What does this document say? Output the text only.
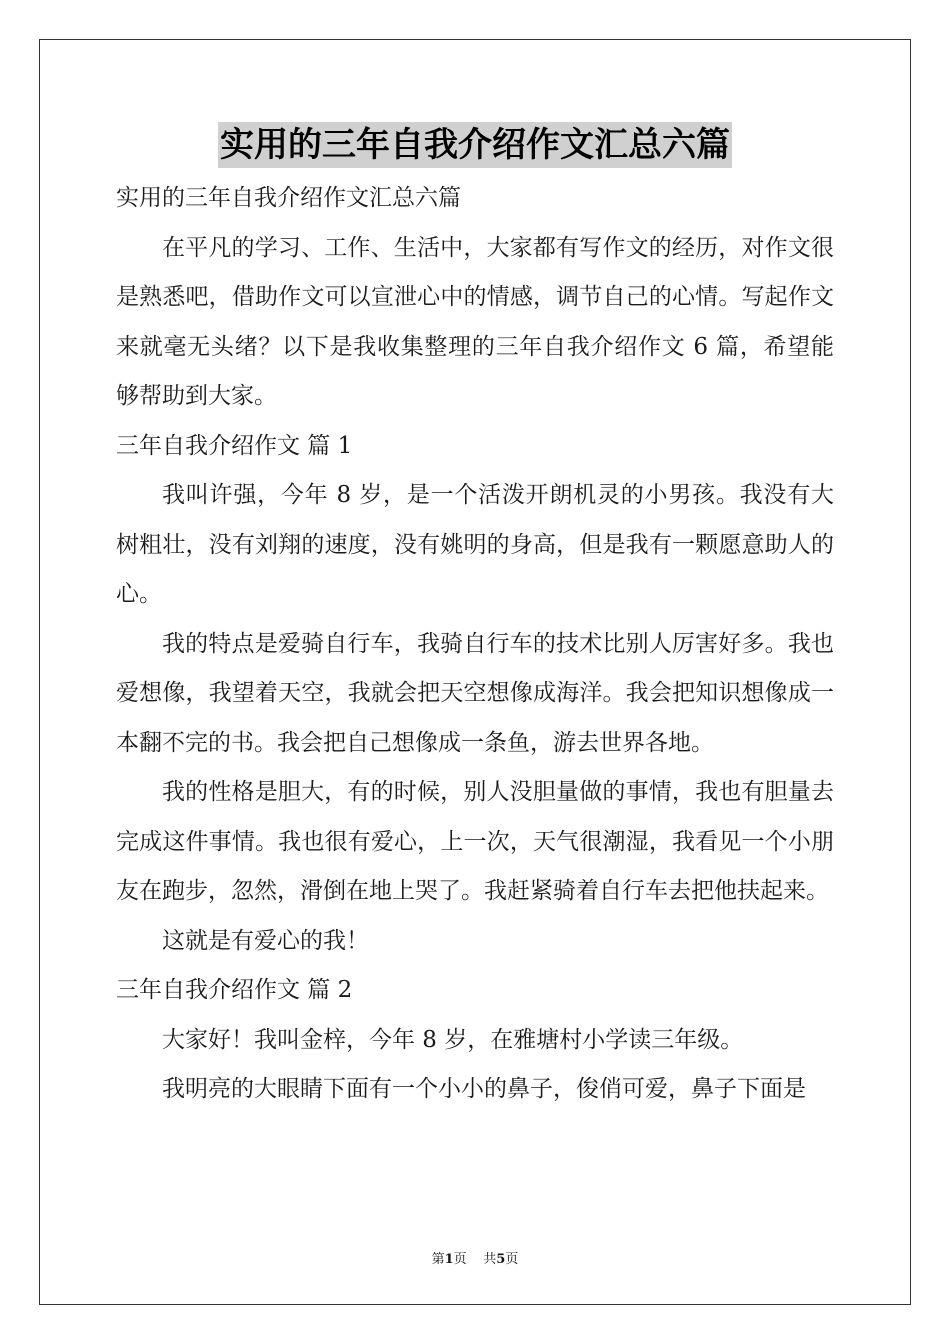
实用的三年自我介绍作文汇总六篇

实用的三年自我介绍作文汇总六篇

在平凡的学习、工作、生活中，大家都有写作文的经历，对作文很是熟悉吧，借助作文可以宣泄心中的情感，调节自己的心情。写起作文来就毫无头绪？以下是我收集整理的三年自我介绍作文 6 篇，希望能够帮助到大家。

三年自我介绍作文 篇 1

我叫许强，今年 8 岁，是一个活泼开朗机灵的小男孩。我没有大树粗壮，没有刘翔的速度，没有姚明的身高，但是我有一颗愿意助人的心。

我的特点是爱骑自行车，我骑自行车的技术比别人厉害好多。我也爱想像，我望着天空，我就会把天空想像成海洋。我会把知识想像成一本翻不完的书。我会把自己想像成一条鱼，游去世界各地。

我的性格是胆大，有的时候，别人没胆量做的事情，我也有胆量去完成这件事情。我也很有爱心，上一次，天气很潮湿，我看见一个小朋友在跑步，忽然，滑倒在地上哭了。我赶紧骑着自行车去把他扶起来。

这就是有爱心的我！

三年自我介绍作文 篇 2

大家好！我叫金梓，今年 8 岁，在雅塘村小学读三年级。

我明亮的大眼睛下面有一个小小的鼻子，俊俏可爱，鼻子下面是

第1页 共5页
